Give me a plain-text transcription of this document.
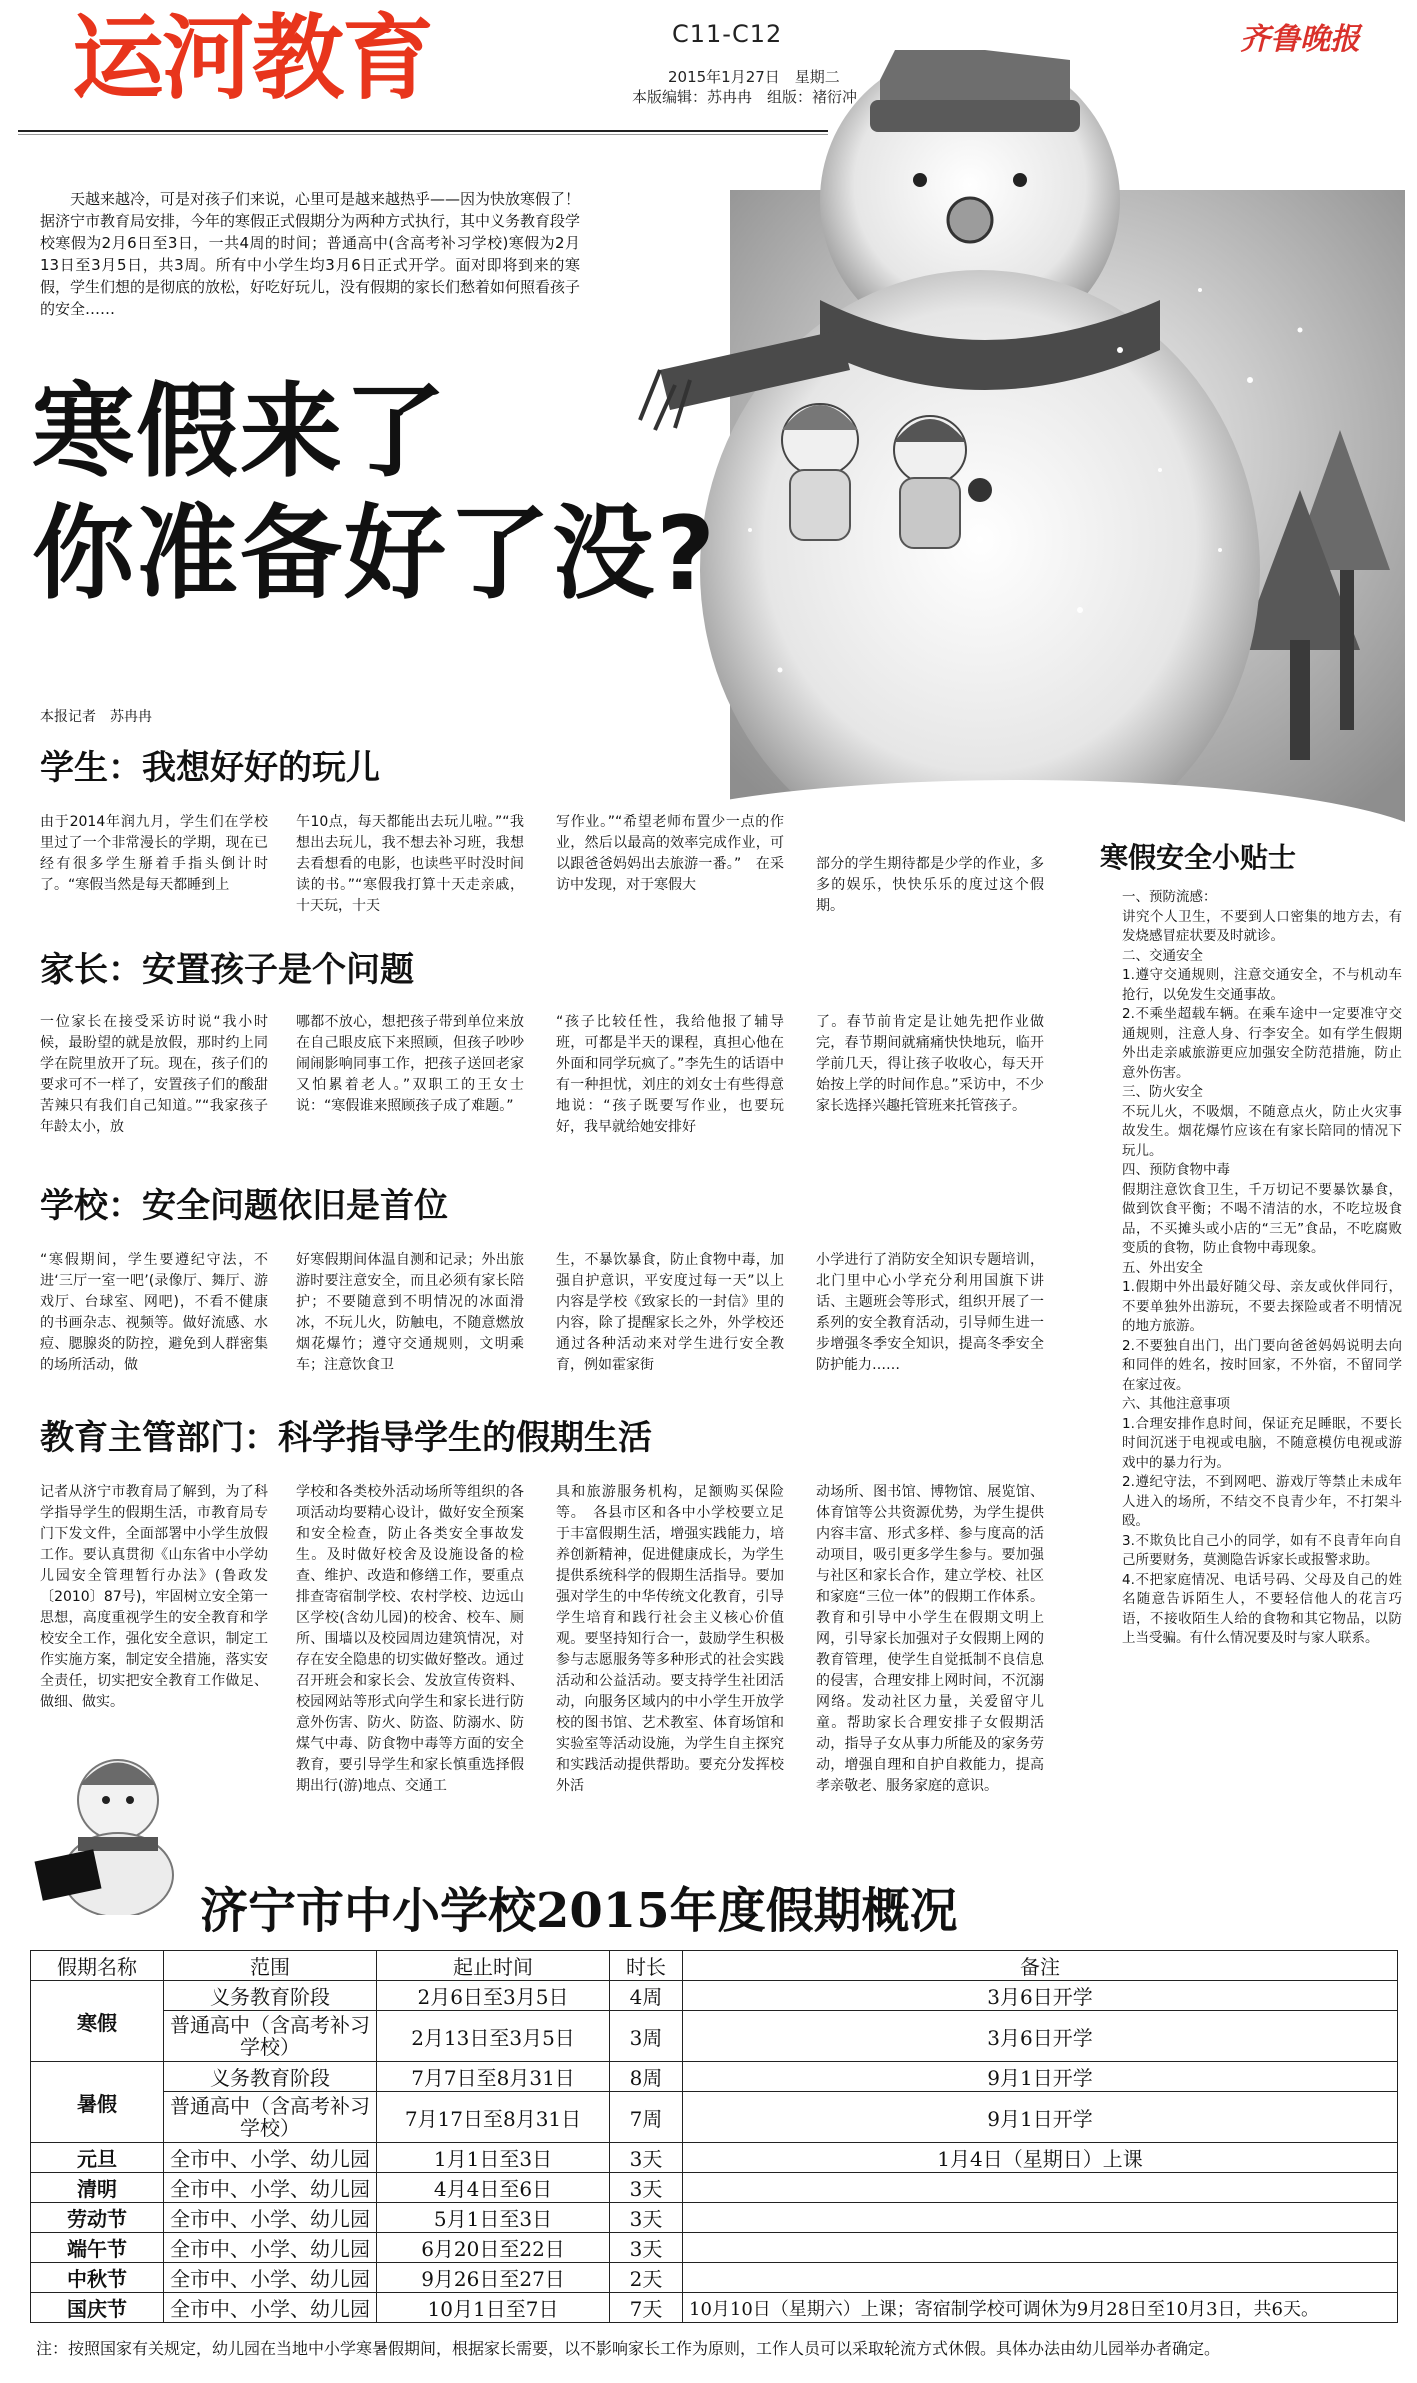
运河教育	C11-C12
2015年1月27日　星期二
本版编辑：苏冉冉　组版：褚衍冲
齐鲁晚报
天越来越冷，可是对孩子们来说，心里可是越来越热乎——因为快放寒假了！据济宁市教育局安排，今年的寒假正式假期分为两种方式执行，其中义务教育段学校寒假为2月6日至3日，一共4周的时间；普通高中(含高考补习学校)寒假为2月13日至3月5日，共3周。所有中小学生均3月6日正式开学。面对即将到来的寒假，学生们想的是彻底的放松，好吃好玩儿，没有假期的家长们愁着如何照看孩子的安全……
寒假来了
你准备好了没?
本报记者　苏冉冉
学生：我想好好的玩儿
由于2014年润九月，学生们在学校里过了一个非常漫长的学期，现在已经有很多学生掰着手指头倒计时了。“寒假当然是每天都睡到上
午10点，每天都能出去玩儿啦。”“我想出去玩儿，我不想去补习班，我想去看想看的电影，也读些平时没时间读的书。”“寒假我打算十天走亲戚，十天玩，十天
写作业。”“希望老师布置少一点的作业，然后以最高的效率完成作业，可以跟爸爸妈妈出去旅游一番。”　在采访中发现，对于寒假大
部分的学生期待都是少学的作业，多多的娱乐，快快乐乐的度过这个假期。
家长：安置孩子是个问题
一位家长在接受采访时说“我小时候，最盼望的就是放假，那时约上同学在院里放开了玩。现在，孩子们的要求可不一样了，安置孩子们的酸甜苦辣只有我们自己知道。”“我家孩子年龄太小，放
哪都不放心，想把孩子带到单位来放在自己眼皮底下来照顾，但孩子吵吵闹闹影响同事工作，把孩子送回老家又怕累着老人。”双职工的王女士说：“寒假谁来照顾孩子成了难题。”
“孩子比较任性，我给他报了辅导班，可都是半天的课程，真担心他在外面和同学玩疯了。”李先生的话语中有一种担忧，刘庄的刘女士有些得意地说：“孩子既要写作业，也要玩好，我早就给她安排好
了。春节前肯定是让她先把作业做完，春节期间就痛痛快快地玩，临开学前几天，得让孩子收收心，每天开始按上学的时间作息。”采访中，不少家长选择兴趣托管班来托管孩子。
学校：安全问题依旧是首位
“寒假期间，学生要遵纪守法，不进‘三厅一室一吧’(录像厅、舞厅、游戏厅、台球室、网吧)，不看不健康的书画杂志、视频等。做好流感、水痘、腮腺炎的防控，避免到人群密集的场所活动，做
好寒假期间体温自测和记录；外出旅游时要注意安全，而且必须有家长陪护；不要随意到不明情况的冰面滑冰，不玩儿火，防触电，不随意燃放烟花爆竹；遵守交通规则，文明乘车；注意饮食卫
生，不暴饮暴食，防止食物中毒，加强自护意识，平安度过每一天”以上内容是学校《致家长的一封信》里的内容，除了提醒家长之外，外学校还通过各种活动来对学生进行安全教育，例如霍家街
小学进行了消防安全知识专题培训，北门里中心小学充分利用国旗下讲话、主题班会等形式，组织开展了一系列的安全教育活动，引导师生进一步增强冬季安全知识，提高冬季安全防护能力……
教育主管部门：科学指导学生的假期生活
记者从济宁市教育局了解到，为了科学指导学生的假期生活，市教育局专门下发文件，全面部署中小学生放假工作。要认真贯彻《山东省中小学幼儿园安全管理暂行办法》(鲁政发〔2010〕87号)，牢固树立安全第一思想，高度重视学生的安全教育和学校安全工作，强化安全意识，制定工作实施方案，制定安全措施，落实安全责任，切实把安全教育工作做足、做细、做实。
学校和各类校外活动场所等组织的各项活动均要精心设计，做好安全预案和安全检查，防止各类安全事故发生。及时做好校舍及设施设备的检查、维护、改造和修缮工作，要重点排查寄宿制学校、农村学校、边远山区学校(含幼儿园)的校舍、校车、厕所、围墙以及校园周边建筑情况，对存在安全隐患的切实做好整改。通过召开班会和家长会、发放宣传资料、校园网站等形式向学生和家长进行防意外伤害、防火、防盗、防溺水、防煤气中毒、防食物中毒等方面的安全教育，要引导学生和家长慎重选择假期出行(游)地点、交通工
具和旅游服务机构，足额购买保险等。　各县市区和各中小学校要立足于丰富假期生活，增强实践能力，培养创新精神，促进健康成长，为学生提供系统科学的假期生活指导。要加强对学生的中华传统文化教育，引导学生培育和践行社会主义核心价值观。要坚持知行合一，鼓励学生积极参与志愿服务等多种形式的社会实践活动和公益活动。要支持学生社团活动，向服务区域内的中小学生开放学校的图书馆、艺术教室、体育场馆和实验室等活动设施，为学生自主探究和实践活动提供帮助。要充分发挥校外活
动场所、图书馆、博物馆、展览馆、体育馆等公共资源优势，为学生提供内容丰富、形式多样、参与度高的活动项目，吸引更多学生参与。要加强与社区和家长合作，建立学校、社区和家庭“三位一体”的假期工作体系。教育和引导中小学生在假期文明上网，引导家长加强对子女假期上网的教育管理，使学生自觉抵制不良信息的侵害，合理安排上网时间，不沉溺网络。发动社区力量，关爱留守儿童。帮助家长合理安排子女假期活动，指导子女从事力所能及的家务劳动，增强自理和自护自救能力，提高孝亲敬老、服务家庭的意识。
寒假安全小贴士

一、预防流感：

讲究个人卫生，不要到人口密集的地方去，有发烧感冒症状要及时就诊。

二、交通安全

1.遵守交通规则，注意交通安全，不与机动车抢行，以免发生交通事故。

2.不乘坐超载车辆。在乘车途中一定要准守交通规则，注意人身、行李安全。如有学生假期外出走亲戚旅游更应加强安全防范措施，防止意外伤害。

三、防火安全

不玩儿火，不吸烟，不随意点火，防止火灾事故发生。烟花爆竹应该在有家长陪同的情况下玩儿。

四、预防食物中毒

假期注意饮食卫生，千万切记不要暴饮暴食，做到饮食平衡；不喝不清洁的水，不吃垃圾食品，不买摊头或小店的“三无”食品，不吃腐败变质的食物，防止食物中毒现象。

五、外出安全

1.假期中外出最好随父母、亲友或伙伴同行，不要单独外出游玩，不要去探险或者不明情况的地方旅游。

2.不要独自出门，出门要向爸爸妈妈说明去向和同伴的姓名，按时回家，不外宿，不留同学在家过夜。

六、其他注意事项

1.合理安排作息时间，保证充足睡眠，不要长时间沉迷于电视或电脑，不随意模仿电视或游戏中的暴力行为。

2.遵纪守法，不到网吧、游戏厅等禁止未成年人进入的场所，不结交不良青少年，不打架斗殴。

3.不欺负比自己小的同学，如有不良青年向自己所要财务，莫测隐告诉家长或报警求助。

4.不把家庭情况、电话号码、父母及自己的姓名随意告诉陌生人，不要轻信他人的花言巧语，不接收陌生人给的食物和其它物品，以防上当受骗。有什么情况要及时与家人联系。

济宁市中小学校2015年度假期概况
假期名称	范围	起止时间	时长	备注
寒假	义务教育阶段	2月6日至3月5日	4周	3月6日开学
	普通高中（含高考补习学校）	2月13日至3月5日	3周	3月6日开学
暑假	义务教育阶段	7月7日至8月31日	8周	9月1日开学
	普通高中（含高考补习学校）	7月17日至8月31日	7周	9月1日开学
元旦	全市中、小学、幼儿园	1月1日至3日	3天	1月4日（星期日）上课
清明	全市中、小学、幼儿园	4月4日至6日	3天	
劳动节	全市中、小学、幼儿园	5月1日至3日	3天	
端午节	全市中、小学、幼儿园	6月20日至22日	3天	
中秋节	全市中、小学、幼儿园	9月26日至27日	2天	
国庆节	全市中、小学、幼儿园	10月1日至7日	7天	10月10日（星期六）上课；寄宿制学校可调休为9月28日至10月3日，共6天。
注：按照国家有关规定，幼儿园在当地中小学寒暑假期间，根据家长需要，以不影响家长工作为原则，工作人员可以采取轮流方式休假。具体办法由幼儿园举办者确定。
